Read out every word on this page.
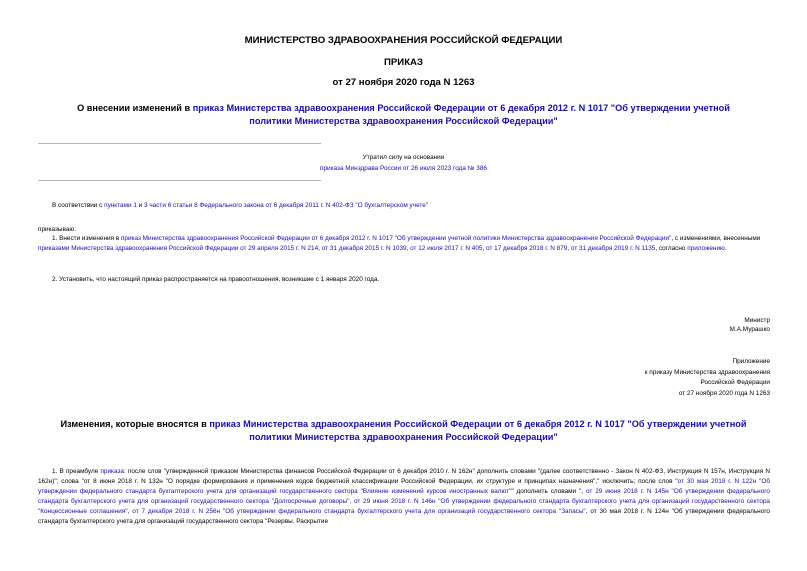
МИНИСТЕРСТВО ЗДРАВООХРАНЕНИЯ РОССИЙСКОЙ ФЕДЕРАЦИИ
ПРИКАЗ
от 27 ноября 2020 года N 1263
О внесении изменений в приказ Министерства здравоохранения Российской Федерации от 6 декабря 2012 г. N 1017 "Об утверждении учетной политики Министерства здравоохранения Российской Федерации"
Утратил силу на основании
приказа Минздрава России от 26 июля 2023 года № 386
В соответствии с пунктами 1 и 3 части 6 статьи 8 Федерального закона от 6 декабря 2011 г. N 402-ФЗ "О бухгалтерском учете"
приказываю:
1. Внести изменения в приказ Министерства здравоохранения Российской Федерации от 6 декабря 2012 г. N 1017 "Об утверждении учетной политики Министерства здравоохранения Российской Федерации", с изменениями, внесенными приказами Министерства здравоохранения Российской Федерации от 29 апреля 2015 г. N 214, от 31 декабря 2015 г. N 1039, от 12 июля 2017 г. N 405, от 17 декабря 2018 г. N 879, от 31 декабря 2019 г. N 1135, согласно приложению.
2. Установить, что настоящий приказ распространяется на правоотношения, возникшие с 1 января 2020 года.
Министр
М.А.Мурашко
Приложение
к приказу Министерства здравоохранения
Российской Федерации
от 27 ноября 2020 года N 1263
Изменения, которые вносятся в приказ Министерства здравоохранения Российской Федерации от 6 декабря 2012 г. N 1017 "Об утверждении учетной политики Министерства здравоохранения Российской Федерации"
1. В преамбуле приказа: после слов "утвержденной приказом Министерства финансов Российской Федерации от 6 декабря 2010 г. N 162н" дополнить словами "(далее соответственно - Закон N 402-ФЗ, Инструкция N 157н, Инструкция N 162н)"; слова "от 8 июня 2018 г. N 132н "О порядке формирования и применения кодов бюджетной классификации Российской Федерации, их структуре и принципах назначения"," исключить; после слов "от 30 мая 2018 г. N 122н "Об утверждении федерального стандарта бухгалтерского учета для организаций государственного сектора "Влияние изменений курсов иностранных валют"" дополнить словами ", от 29 июня 2018 г. N 145н "Об утверждении федерального стандарта бухгалтерского учета для организаций государственного сектора "Долгосрочные договоры", от 29 июня 2018 г. N 146н "Об утверждении федерального стандарта бухгалтерского учета для организаций государственного сектора "Концессионные соглашения", от 7 декабря 2018 г. N 256н "Об утверждении федерального стандарта бухгалтерского учета для организаций государственного сектора "Запасы", от 30 мая 2018 г. N 124н "Об утверждении федерального стандарта бухгалтерского учета для организаций государственного сектора "Резервы. Раскрытие
